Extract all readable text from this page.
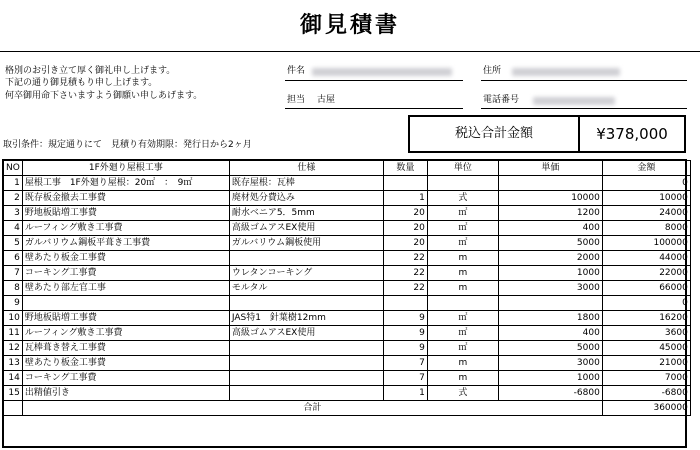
御見積書
格別のお引き立て厚く御礼申し上げます。
下記の通り御見積もり申し上げます。
何卒御用命下さいますよう御願い申しあげます。
件名	住所
担当 古屋	電話番号
取引条件：規定通りにて　見積り有効期限：発行日から2ヶ月
税込合計金額	¥378,000
NO	1F外廻り屋根工事	仕様	数量	単位	単価	金額
1	屋根工事　1F外廻り屋根：20㎡　：　9㎡	既存屋根：瓦棒				0
2	既存板金撤去工事費	廃材処分費込み	1	式	10000	10000
3	野地板貼増工事費	耐水ベニア5．5mm	20	㎡	1200	24000
4	ルーフィング敷き工事費	高級ゴムアスEX使用	20	㎡	400	8000
5	ガルバリウム鋼板平葺き工事費	ガルバリウム鋼板使用	20	㎡	5000	100000
6	壁あたり板金工事費		22	m	2000	44000
7	コーキング工事費	ウレタンコーキング	22	m	1000	22000
8	壁あたり部左官工事	モルタル	22	m	3000	66000
9						0
10	野地板貼増工事費	JAS特1　針葉樹12mm	9	㎡	1800	16200
11	ルーフィング敷き工事費	高級ゴムアスEX使用	9	㎡	400	3600
12	瓦棒葺き替え工事費		9	㎡	5000	45000
13	壁あたり板金工事費		7	m	3000	21000
14	コーキング工事費		7	m	1000	7000
15	出精値引き		1	式	-6800	-6800
	合計					360000
